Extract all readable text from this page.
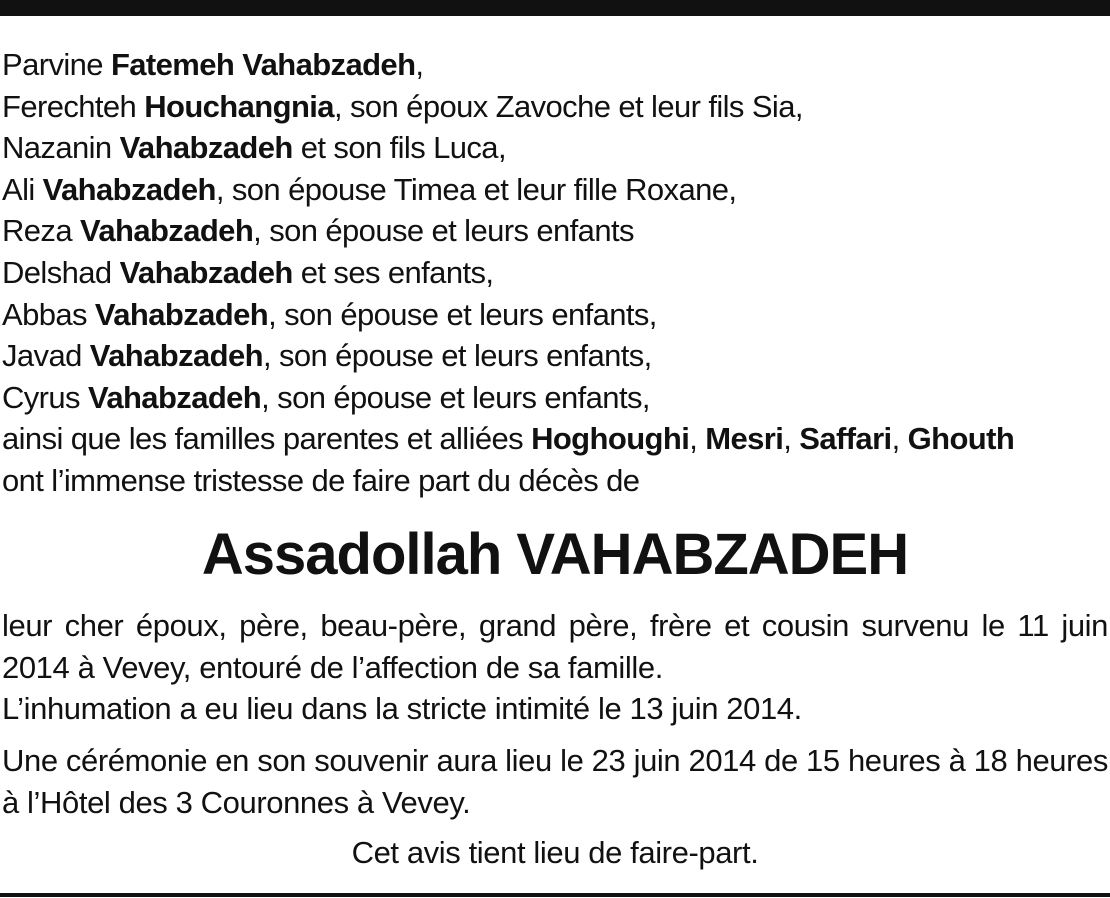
Parvine Fatemeh Vahabzadeh,
Ferechteh Houchangnia, son époux Zavoche et leur fils Sia,
Nazanin Vahabzadeh et son fils Luca,
Ali Vahabzadeh, son épouse Timea et leur fille Roxane,
Reza Vahabzadeh, son épouse et leurs enfants
Delshad Vahabzadeh et ses enfants,
Abbas Vahabzadeh, son épouse et leurs enfants,
Javad Vahabzadeh, son épouse et leurs enfants,
Cyrus Vahabzadeh, son épouse et leurs enfants,
ainsi que les familles parentes et alliées Hoghoughi, Mesri, Saffari, Ghouth
ont l’immense tristesse de faire part du décès de
Assadollah VAHABZADEH
leur cher époux, père, beau-père, grand père, frère et cousin survenu le 11 juin 2014 à Vevey, entouré de l’affection de sa famille.
L’inhumation a eu lieu dans la stricte intimité le 13 juin 2014.
Une cérémonie en son souvenir aura lieu le 23 juin 2014 de 15 heures à 18 heures à l’Hôtel des 3 Couronnes à Vevey.
Cet avis tient lieu de faire-part.
